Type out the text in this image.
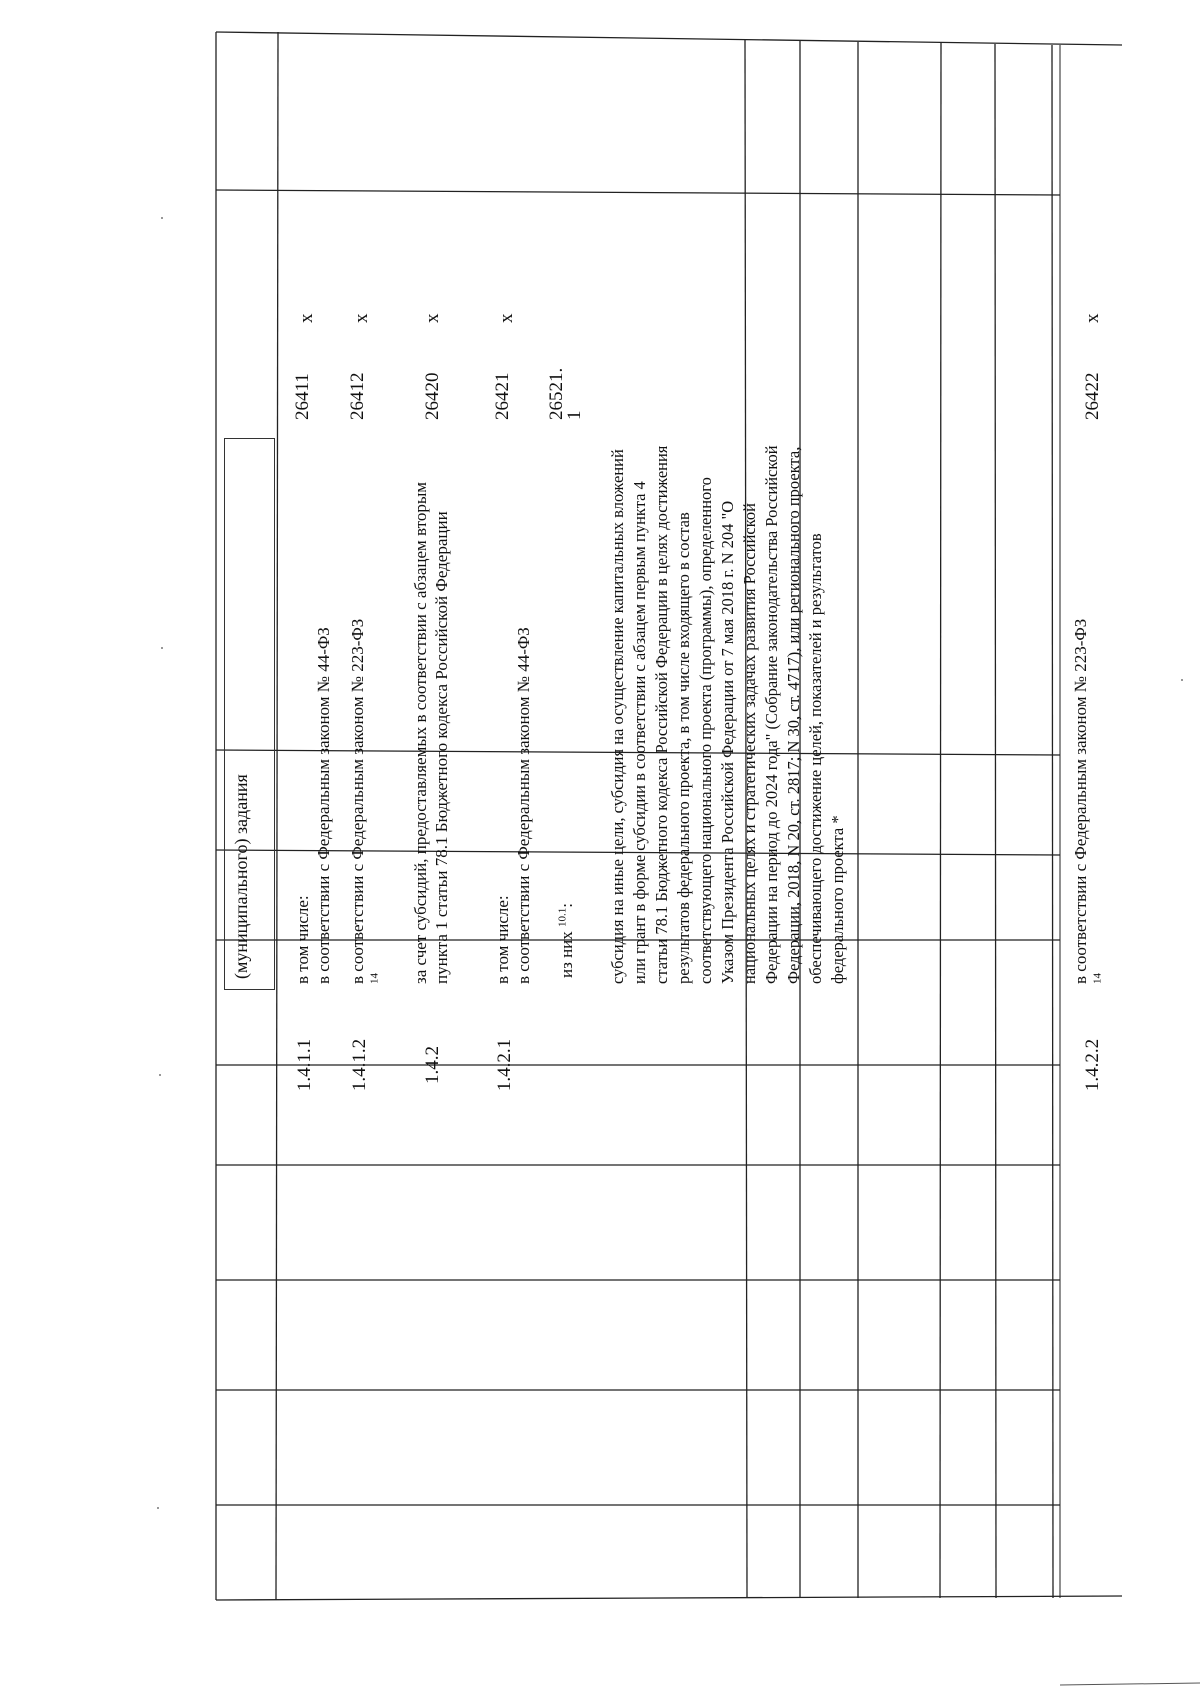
(муниципального) задания
1.4.1.1
в том числе: в соответствии с Федеральным законом № 44-ФЗ
26411
x
1.4.1.2
в соответствии с Федеральным законом № 223-ФЗ
$^{14}$
26412
x
1.4.2
за счет субсидий, предоставляемых в соответствии с абзацем вторым пункта 1 статьи 78.1 Бюджетного кодекса Российской Федерации
26420
x
1.4.2.1
в том числе: в соответствии с Федеральным законом № 44-ФЗ
26421
x
из них $^{10.1}$:
26521.
1
субсидия на иные цели, субсидия на осуществление капитальных вложений или грант в форме субсидии в соответствии с абзацем первым пункта 4 статьи 78.1 Бюджетного кодекса Российской Федерации в целях достижения результатов федерального проекта, в том числе входящего в состав соответствующего национального проекта (программы), определенного Указом Президента Российской Федерации от 7 мая 2018 г. N 204 "О национальных целях и стратегических задачах развития Российской Федерации на период до 2024 года" (Собрание законодательства Российской Федерации, 2018, N 20, ст. 2817; N 30, ст. 4717), или регионального проекта, обеспечивающего достижение целей, показателей и результатов федерального проекта *
1.4.2.2
в соответствии с Федеральным законом № 223-ФЗ
$^{14}$
26422
x
